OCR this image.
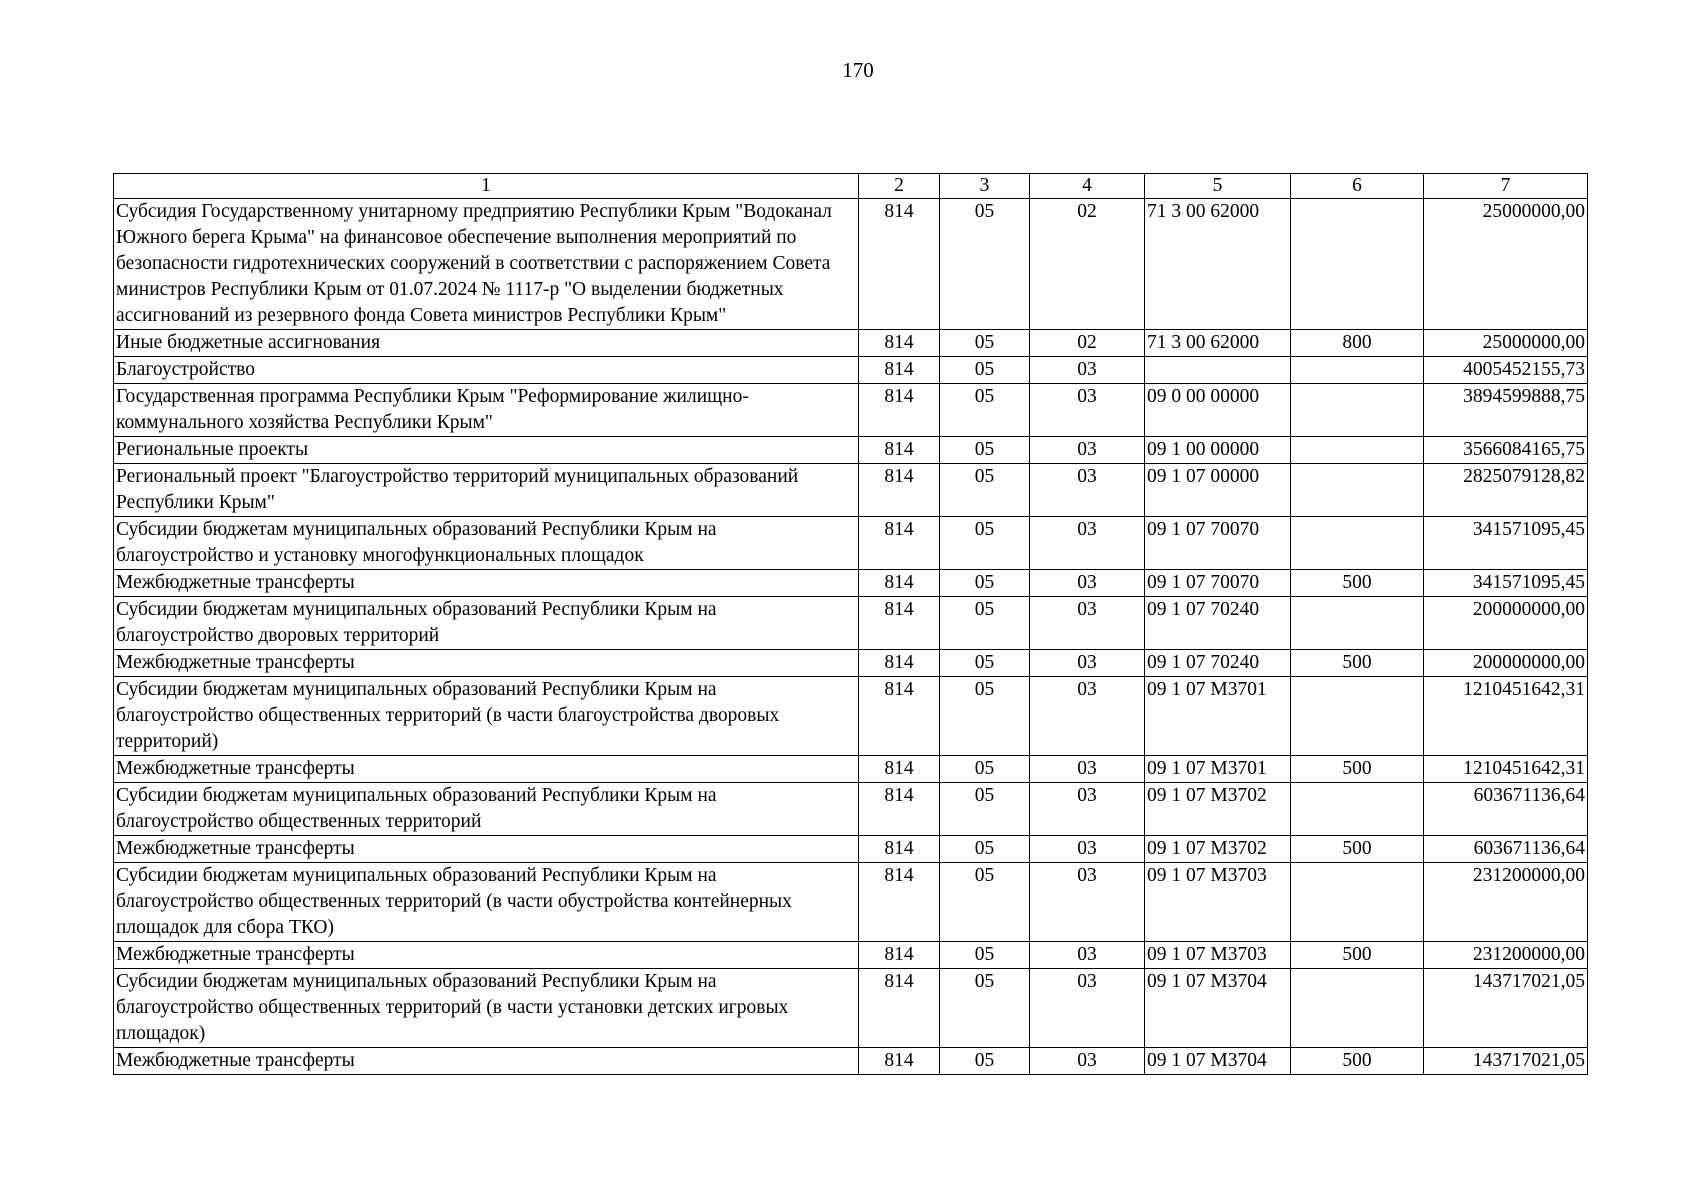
170
1	2	3	4	5	6	7
Субсидия Государственному унитарному предприятию Республики Крым "Водоканал Южного берега Крыма" на финансовое обеспечение выполнения мероприятий по безопасности гидротехнических сооружений в соответствии с распоряжением Совета министров Республики Крым от 01.07.2024 № 1117-р "О выделении бюджетных ассигнований из резервного фонда Совета министров Республики Крым"	814	05	02	71 3 00 62000		25000000,00
Иные бюджетные ассигнования	814	05	02	71 3 00 62000	800	25000000,00
Благоустройство	814	05	03			4005452155,73
Государственная программа Республики Крым "Реформирование жилищно-коммунального хозяйства Республики Крым"	814	05	03	09 0 00 00000		3894599888,75
Региональные проекты	814	05	03	09 1 00 00000		3566084165,75
Региональный проект "Благоустройство территорий муниципальных образований Республики Крым"	814	05	03	09 1 07 00000		2825079128,82
Субсидии бюджетам муниципальных образований Республики Крым на благоустройство и установку многофункциональных площадок	814	05	03	09 1 07 70070		341571095,45
Межбюджетные трансферты	814	05	03	09 1 07 70070	500	341571095,45
Субсидии бюджетам муниципальных образований Республики Крым на благоустройство дворовых территорий	814	05	03	09 1 07 70240		200000000,00
Межбюджетные трансферты	814	05	03	09 1 07 70240	500	200000000,00
Субсидии бюджетам муниципальных образований Республики Крым на благоустройство общественных территорий (в части благоустройства дворовых территорий)	814	05	03	09 1 07 М3701		1210451642,31
Межбюджетные трансферты	814	05	03	09 1 07 М3701	500	1210451642,31
Субсидии бюджетам муниципальных образований Республики Крым на благоустройство общественных территорий	814	05	03	09 1 07 М3702		603671136,64
Межбюджетные трансферты	814	05	03	09 1 07 М3702	500	603671136,64
Субсидии бюджетам муниципальных образований Республики Крым на благоустройство общественных территорий (в части обустройства контейнерных площадок для сбора ТКО)	814	05	03	09 1 07 М3703		231200000,00
Межбюджетные трансферты	814	05	03	09 1 07 М3703	500	231200000,00
Субсидии бюджетам муниципальных образований Республики Крым на благоустройство общественных территорий (в части установки детских игровых площадок)	814	05	03	09 1 07 М3704		143717021,05
Межбюджетные трансферты	814	05	03	09 1 07 М3704	500	143717021,05
